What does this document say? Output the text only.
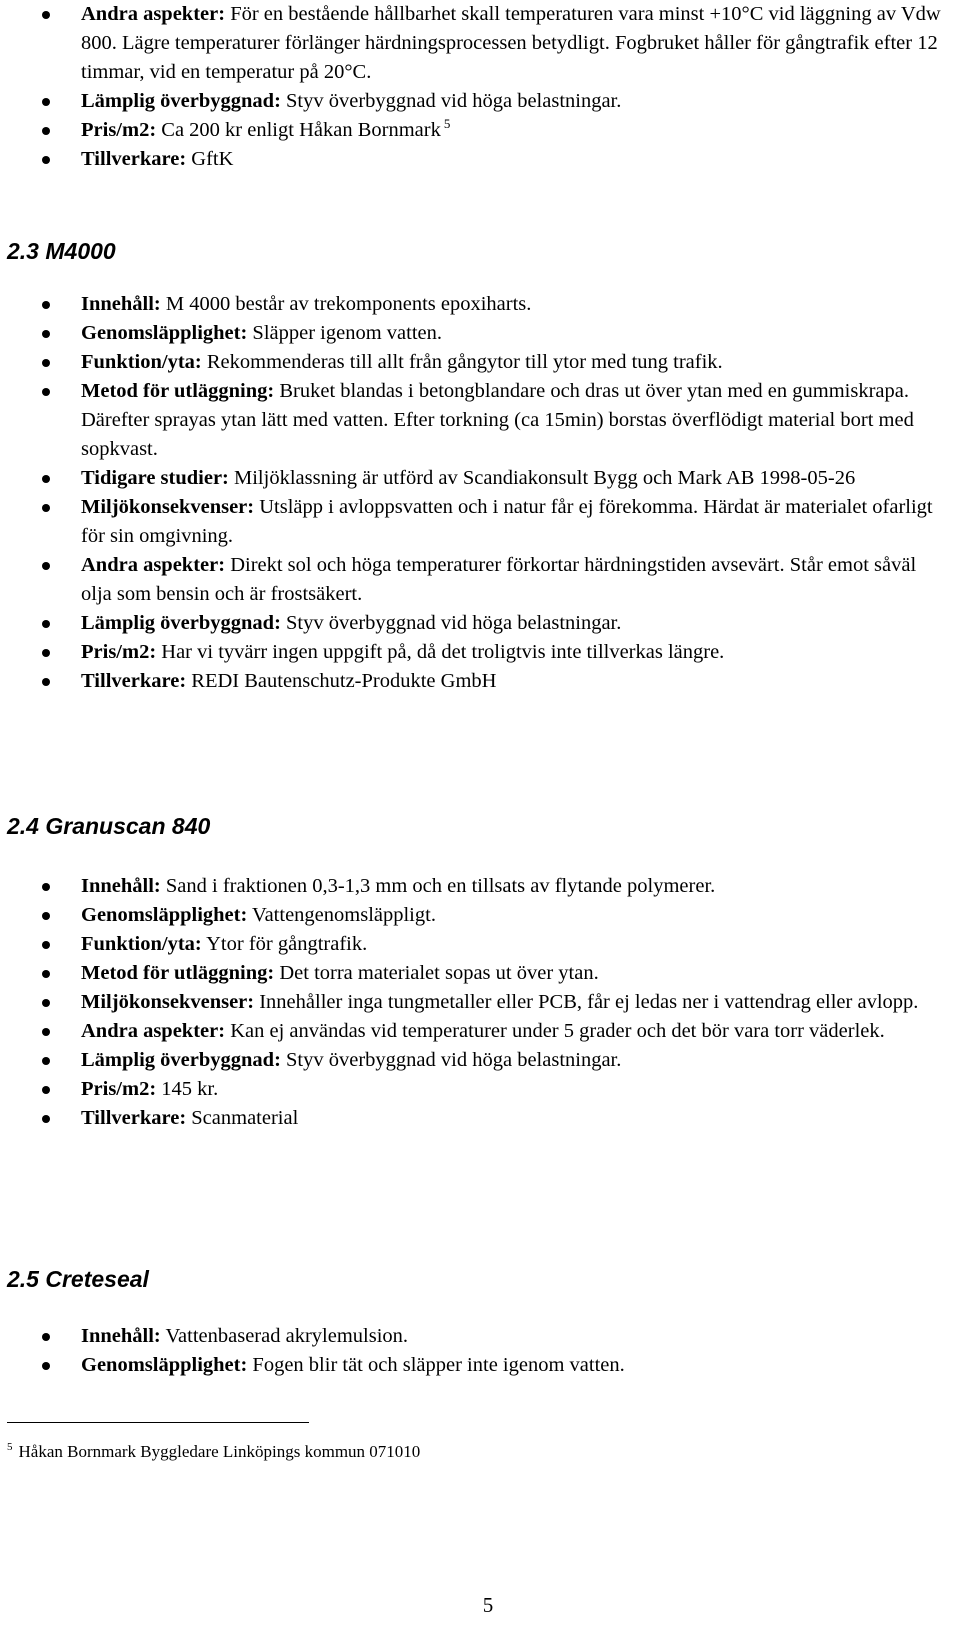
Andra aspekter: För en bestående hållbarhet skall temperaturen vara minst +10°C vid läggning av Vdw 800. Lägre temperaturer förlänger härdningsprocessen betydligt. Fogbruket håller för gångtrafik efter 12 timmar, vid en temperatur på 20°C.
Lämplig överbyggnad: Styv överbyggnad vid höga belastningar.
Pris/m2: Ca 200 kr enligt Håkan Bornmark $^5$
Tillverkare: GftK
2.3 M4000
Innehåll: M 4000 består av trekomponents epoxiharts.
Genomsläpplighet: Släpper igenom vatten.
Funktion/yta: Rekommenderas till allt från gångytor till ytor med tung trafik.
Metod för utläggning: Bruket blandas i betongblandare och dras ut över ytan med en gummiskrapa. Därefter sprayas ytan lätt med vatten. Efter torkning (ca 15min) borstas överflödigt material bort med sopkvast.
Tidigare studier: Miljöklassning är utförd av Scandiakonsult Bygg och Mark AB 1998-05-26
Miljökonsekvenser: Utsläpp i avloppsvatten och i natur får ej förekomma. Härdat är materialet ofarligt för sin omgivning.
Andra aspekter: Direkt sol och höga temperaturer förkortar härdningstiden avsevärt. Står emot såväl olja som bensin och är frostsäkert.
Lämplig överbyggnad: Styv överbyggnad vid höga belastningar.
Pris/m2: Har vi tyvärr ingen uppgift på, då det troligtvis inte tillverkas längre.
Tillverkare: REDI Bautenschutz-Produkte GmbH
2.4 Granuscan 840
Innehåll: Sand i fraktionen 0,3-1,3 mm och en tillsats av flytande polymerer.
Genomsläpplighet: Vattengenomsläppligt.
Funktion/yta: Ytor för gångtrafik.
Metod för utläggning: Det torra materialet sopas ut över ytan.
Miljökonsekvenser: Innehåller inga tungmetaller eller PCB, får ej ledas ner i vattendrag eller avlopp.
Andra aspekter: Kan ej användas vid temperaturer under 5 grader och det bör vara torr väderlek.
Lämplig överbyggnad: Styv överbyggnad vid höga belastningar.
Pris/m2: 145 kr.
Tillverkare: Scanmaterial
2.5 Creteseal
Innehåll: Vattenbaserad akrylemulsion.
Genomsläpplighet: Fogen blir tät och släpper inte igenom vatten.

$^5$ Håkan Bornmark Byggledare Linköpings kommun 071010

5
